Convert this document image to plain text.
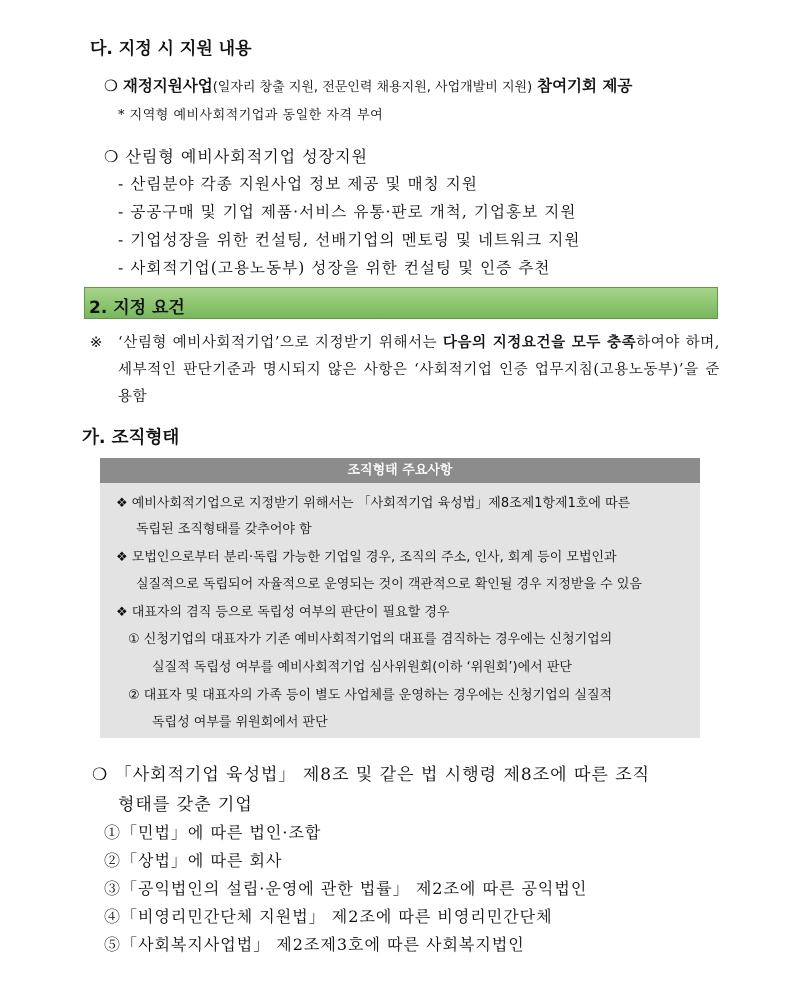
다. 지정 시 지원 내용
❍ 재정지원사업(일자리 창출 지원, 전문인력 채용지원, 사업개발비 지원) 참여기회 제공
* 지역형 예비사회적기업과 동일한 자격 부여
❍ 산림형 예비사회적기업 성장지원
- 산림분야 각종 지원사업 정보 제공 및 매칭 지원
- 공공구매 및 기업 제품·서비스 유통·판로 개척, 기업홍보 지원
- 기업성장을 위한 컨설팅, 선배기업의 멘토링 및 네트워크 지원
- 사회적기업(고용노동부) 성장을 위한 컨설팅 및 인증 추천
2. 지정 요건
※ ‘산림형 예비사회적기업’으로 지정받기 위해서는 다음의 지정요건을 모두 충족하여야 하며, 세부적인 판단기준과 명시되지 않은 사항은 ‘사회적기업 인증 업무지침(고용노동부)’을 준용함
가. 조직형태
조직형태 주요사항
❖ 예비사회적기업으로 지정받기 위해서는 「사회적기업 육성법」제8조제1항제1호에 따른
독립된 조직형태를 갖추어야 함
❖ 모법인으로부터 분리·독립 가능한 기업일 경우, 조직의 주소, 인사, 회계 등이 모법인과
실질적으로 독립되어 자율적으로 운영되는 것이 객관적으로 확인될 경우 지정받을 수 있음
❖ 대표자의 겸직 등으로 독립성 여부의 판단이 필요할 경우
① 신청기업의 대표자가 기존 예비사회적기업의 대표를 겸직하는 경우에는 신청기업의
실질적 독립성 여부를 예비사회적기업 심사위원회(이하 ‘위원회’)에서 판단
② 대표자 및 대표자의 가족 등이 별도 사업체를 운영하는 경우에는 신청기업의 실질적
독립성 여부를 위원회에서 판단
❍ 「사회적기업 육성법」 제8조 및 같은 법 시행령 제8조에 따른 조직
형태를 갖춘 기업
①「민법」에 따른 법인·조합
②「상법」에 따른 회사
③「공익법인의 설립·운영에 관한 법률」 제2조에 따른 공익법인
④「비영리민간단체 지원법」 제2조에 따른 비영리민간단체
⑤「사회복지사업법」 제2조제3호에 따른 사회복지법인
